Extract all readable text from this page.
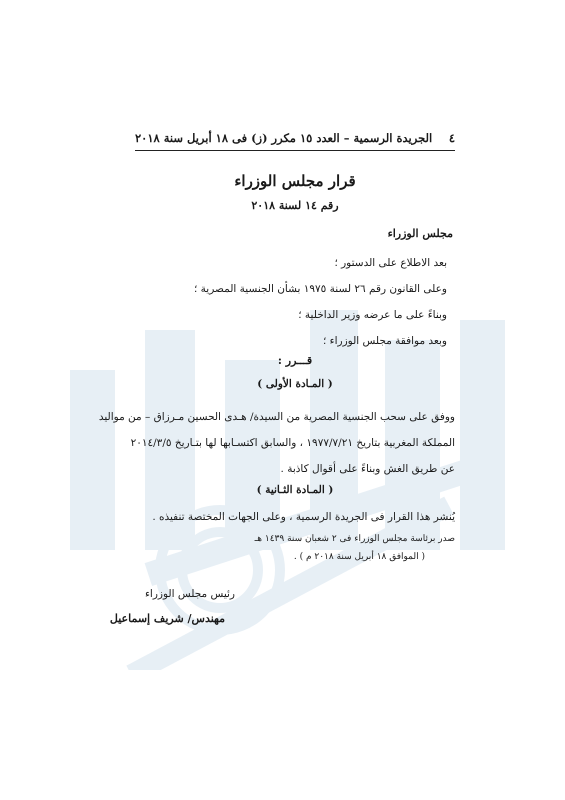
٤
الجريدة الرسمية – العدد ١٥ مكرر (ز) فى ١٨ أبريل سنة ٢٠١٨
قرار مجلس الوزراء
رقم ١٤ لسنة ٢٠١٨
مجلس الوزراء
بعد الاطلاع على الدستور ؛
وعلى القانون رقم ٢٦ لسنة ١٩٧٥ بشأن الجنسية المصرية ؛
وبناءً على ما عرضه وزير الداخلية ؛
وبعد موافقة مجلس الوزراء ؛
قـــرر :
( المـادة الأولى )
ووفق على سحب الجنسية المصرية من السيدة/ هـدى الحسين مـرزاق – من مواليد
المملكة المغربية بتاريخ ١٩٧٧/٧/٢١ ، والسابق اكتسـابها لها بتـاريخ ٢٠١٤/٣/٥
عن طريق الغش وبناءً على أقوال كاذبة .
( المـادة الثـانية )
يُنشر هذا القرار فى الجريدة الرسمية ، وعلى الجهات المختصة تنفيذه .
صدر برئاسة مجلس الوزراء فى ٢ شعبان سنة ١٤٣٩ هـ
( الموافق ١٨ أبريل سنة ٢٠١٨ م ) .
رئيس مجلس الوزراء
مهندس/ شريف إسماعيل
